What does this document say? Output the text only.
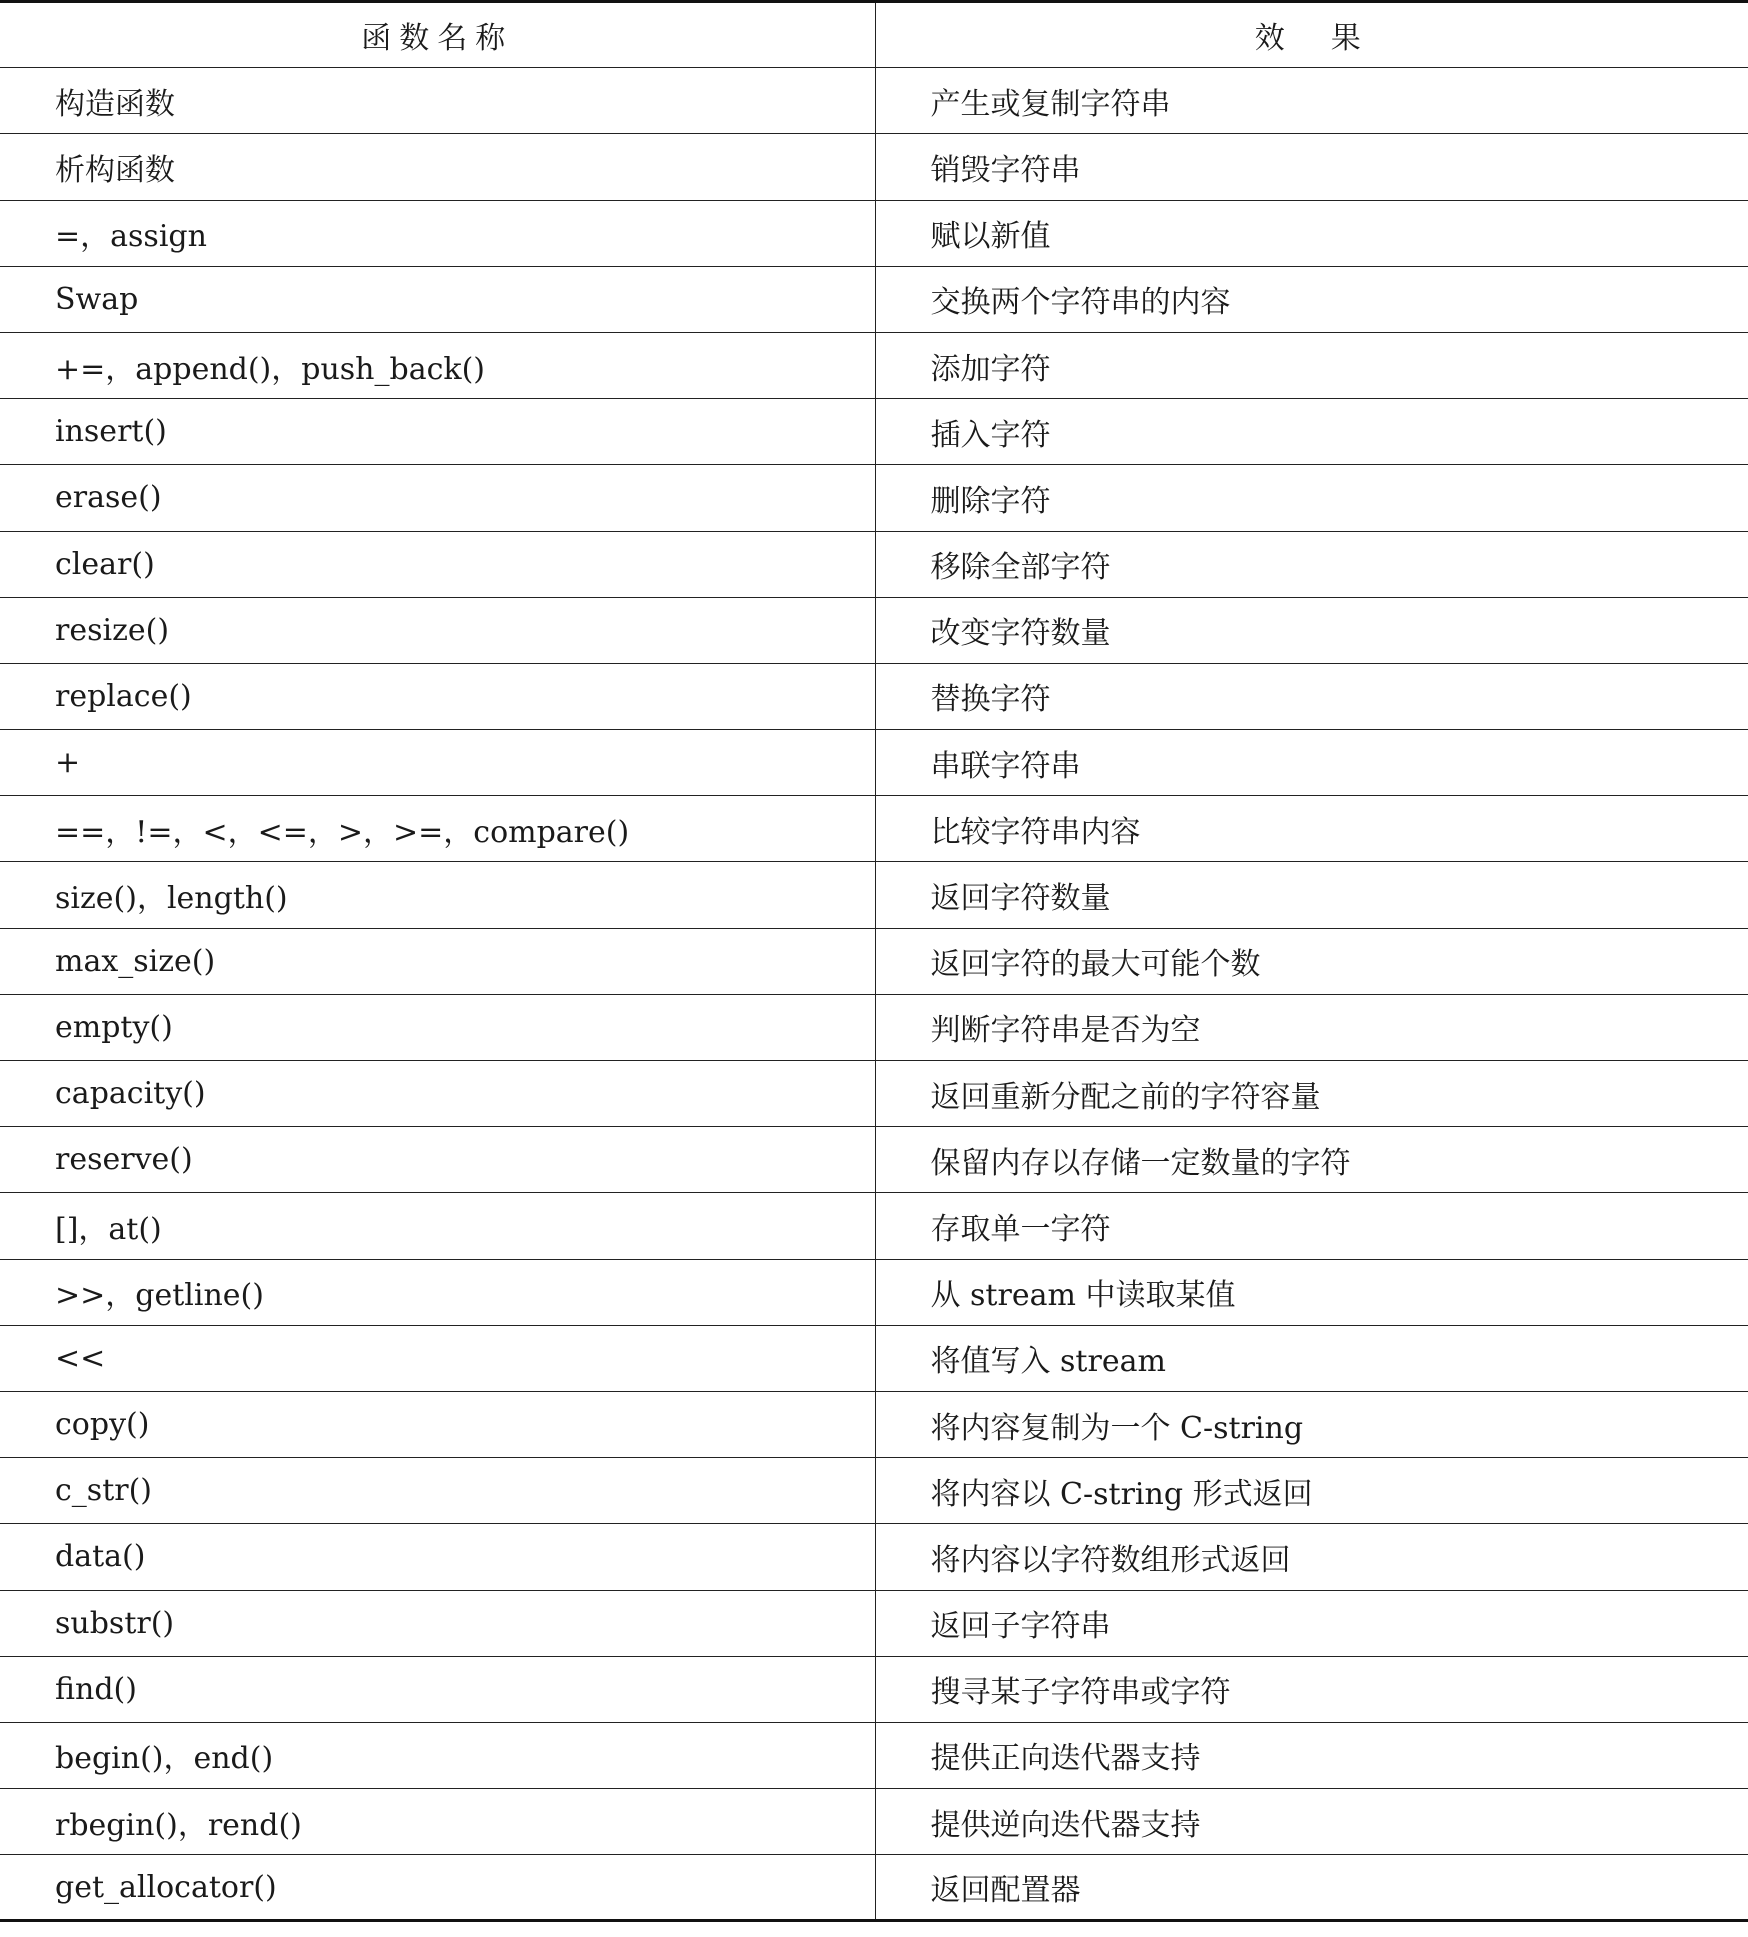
函数名称	效　果
构造函数	产生或复制字符串
析构函数	销毁字符串
=，assign	赋以新值
Swap	交换两个字符串的内容
+=，append()，push_back()	添加字符
insert()	插入字符
erase()	删除字符
clear()	移除全部字符
resize()	改变字符数量
replace()	替换字符
+	串联字符串
==，!=，<，<=，>，>=，compare()	比较字符串内容
size()，length()	返回字符数量
max_size()	返回字符的最大可能个数
empty()	判断字符串是否为空
capacity()	返回重新分配之前的字符容量
reserve()	保留内存以存储一定数量的字符
[]，at()	存取单一字符
>>，getline()	从 stream 中读取某值
<<	将值写入 stream
copy()	将内容复制为一个 C-string
c_str()	将内容以 C-string 形式返回
data()	将内容以字符数组形式返回
substr()	返回子字符串
find()	搜寻某子字符串或字符
begin()，end()	提供正向迭代器支持
rbegin()，rend()	提供逆向迭代器支持
get_allocator()	返回配置器
